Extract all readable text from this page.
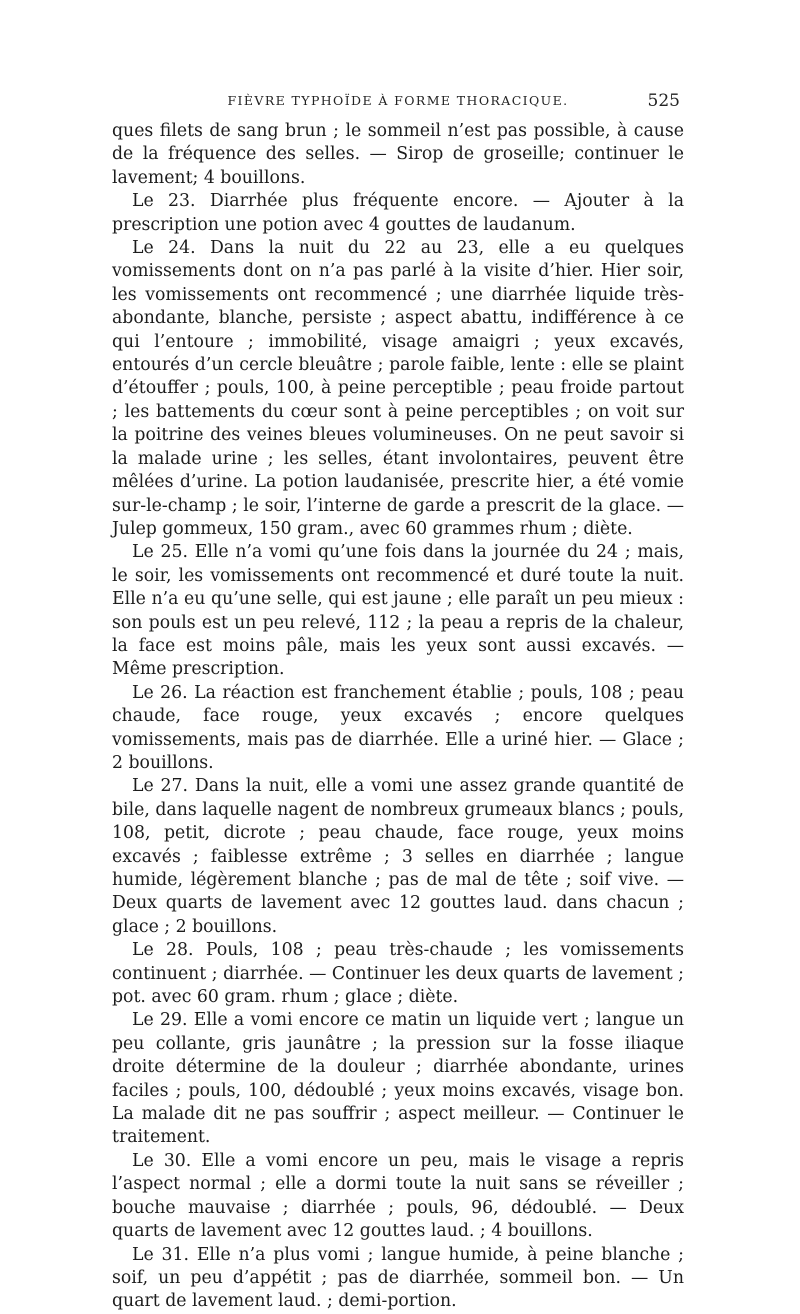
FIÈVRE TYPHOÏDE À FORME THORACIQUE.	525

ques filets de sang brun ; le sommeil n’est pas possible, à cause de la fréquence des selles. — Sirop de groseille; continuer le lavement; 4 bouillons.

Le 23. Diarrhée plus fréquente encore. — Ajouter à la prescription une potion avec 4 gouttes de laudanum.

Le 24. Dans la nuit du 22 au 23, elle a eu quelques vomissements dont on n’a pas parlé à la visite d’hier. Hier soir, les vomissements ont recommencé ; une diarrhée liquide très-abondante, blanche, persiste ; aspect abattu, indifférence à ce qui l’entoure ; immobilité, visage amaigri ; yeux excavés, entourés d’un cercle bleuâtre ; parole faible, lente : elle se plaint d’étouffer ; pouls, 100, à peine perceptible ; peau froide partout ; les battements du cœur sont à peine perceptibles ; on voit sur la poitrine des veines bleues volumineuses. On ne peut savoir si la malade urine ; les selles, étant involontaires, peuvent être mêlées d’urine. La potion laudanisée, prescrite hier, a été vomie sur-le-champ ; le soir, l’interne de garde a prescrit de la glace. — Julep gommeux, 150 gram., avec 60 grammes rhum ; diète.

Le 25. Elle n’a vomi qu’une fois dans la journée du 24 ; mais, le soir, les vomissements ont recommencé et duré toute la nuit. Elle n’a eu qu’une selle, qui est jaune ; elle paraît un peu mieux : son pouls est un peu relevé, 112 ; la peau a repris de la chaleur, la face est moins pâle, mais les yeux sont aussi excavés. — Même prescription.

Le 26. La réaction est franchement établie ; pouls, 108 ; peau chaude, face rouge, yeux excavés ; encore quelques vomissements, mais pas de diarrhée. Elle a uriné hier. — Glace ; 2 bouillons.

Le 27. Dans la nuit, elle a vomi une assez grande quantité de bile, dans laquelle nagent de nombreux grumeaux blancs ; pouls, 108, petit, dicrote ; peau chaude, face rouge, yeux moins excavés ; faiblesse extrême ; 3 selles en diarrhée ; langue humide, légèrement blanche ; pas de mal de tête ; soif vive. — Deux quarts de lavement avec 12 gouttes laud. dans chacun ; glace ; 2 bouillons.

Le 28. Pouls, 108 ; peau très-chaude ; les vomissements continuent ; diarrhée. — Continuer les deux quarts de lavement ; pot. avec 60 gram. rhum ; glace ; diète.

Le 29. Elle a vomi encore ce matin un liquide vert ; langue un peu collante, gris jaunâtre ; la pression sur la fosse iliaque droite détermine de la douleur ; diarrhée abondante, urines faciles ; pouls, 100, dédoublé ; yeux moins excavés, visage bon. La malade dit ne pas souffrir ; aspect meilleur. — Continuer le traitement.

Le 30. Elle a vomi encore un peu, mais le visage a repris l’aspect normal ; elle a dormi toute la nuit sans se réveiller ; bouche mauvaise ; diarrhée ; pouls, 96, dédoublé. — Deux quarts de lavement avec 12 gouttes laud. ; 4 bouillons.

Le 31. Elle n’a plus vomi ; langue humide, à peine blanche ; soif, un peu d’appétit ; pas de diarrhée, sommeil bon. — Un quart de lavement laud. ; demi-portion.
